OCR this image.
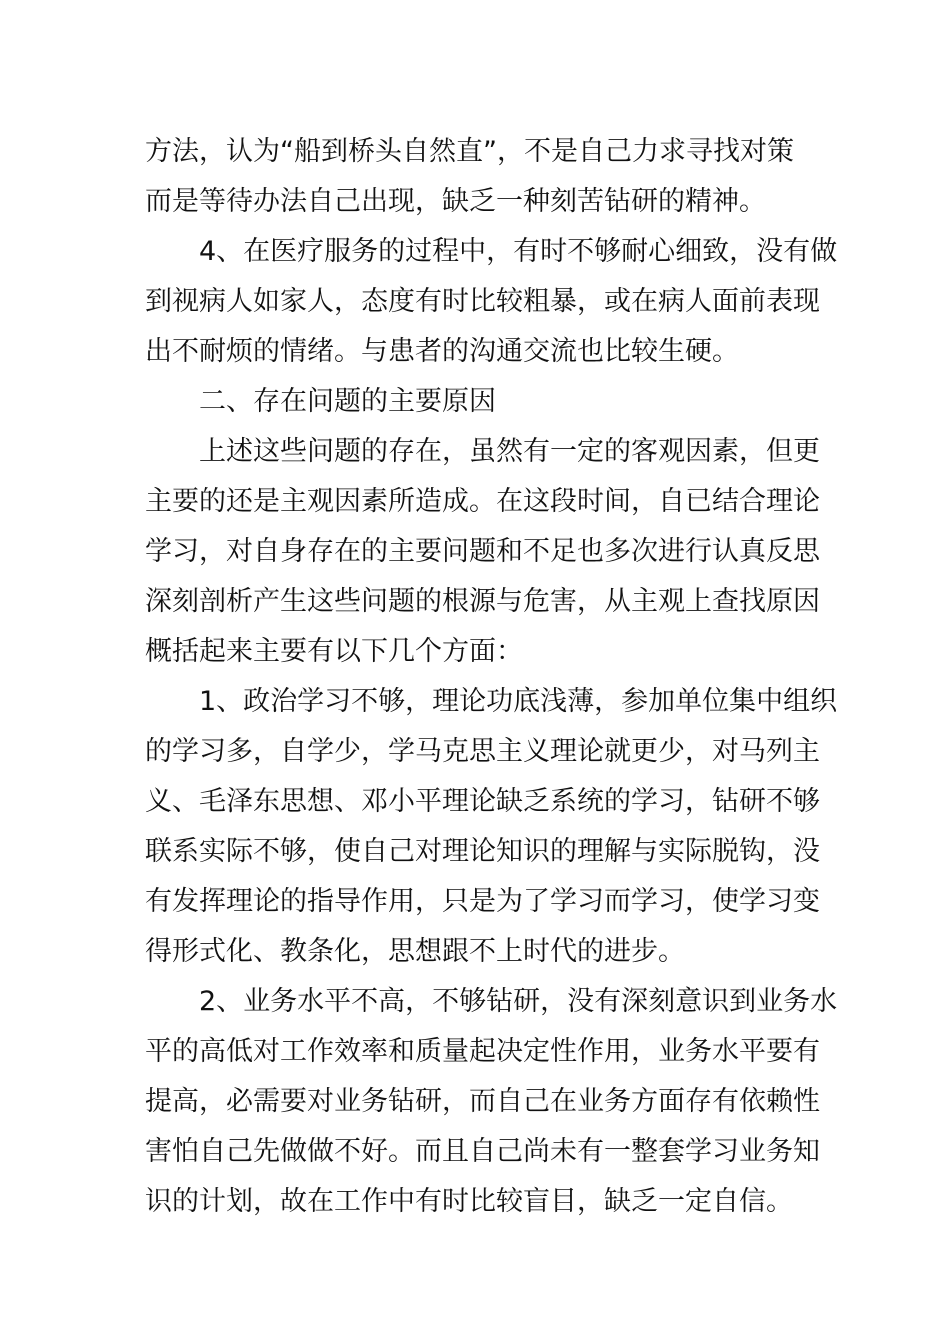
方法，认为“船到桥头自然直”，不是自己力求寻找对策
而是等待办法自己出现，缺乏一种刻苦钻研的精神。
4、在医疗服务的过程中，有时不够耐心细致，没有做
到视病人如家人，态度有时比较粗暴，或在病人面前表现
出不耐烦的情绪。与患者的沟通交流也比较生硬。
二、存在问题的主要原因
上述这些问题的存在，虽然有一定的客观因素，但更
主要的还是主观因素所造成。在这段时间，自已结合理论
学习，对自身存在的主要问题和不足也多次进行认真反思
深刻剖析产生这些问题的根源与危害，从主观上查找原因
概括起来主要有以下几个方面：
1、政治学习不够，理论功底浅薄，参加单位集中组织
的学习多，自学少，学马克思主义理论就更少，对马列主
义、毛泽东思想、邓小平理论缺乏系统的学习，钻研不够
联系实际不够，使自己对理论知识的理解与实际脱钩，没
有发挥理论的指导作用，只是为了学习而学习，使学习变
得形式化、教条化，思想跟不上时代的进步。
2、业务水平不高，不够钻研，没有深刻意识到业务水
平的高低对工作效率和质量起决定性作用，业务水平要有
提高，必需要对业务钻研，而自己在业务方面存有依赖性
害怕自己先做做不好。而且自己尚未有一整套学习业务知
识的计划，故在工作中有时比较盲目，缺乏一定自信。
